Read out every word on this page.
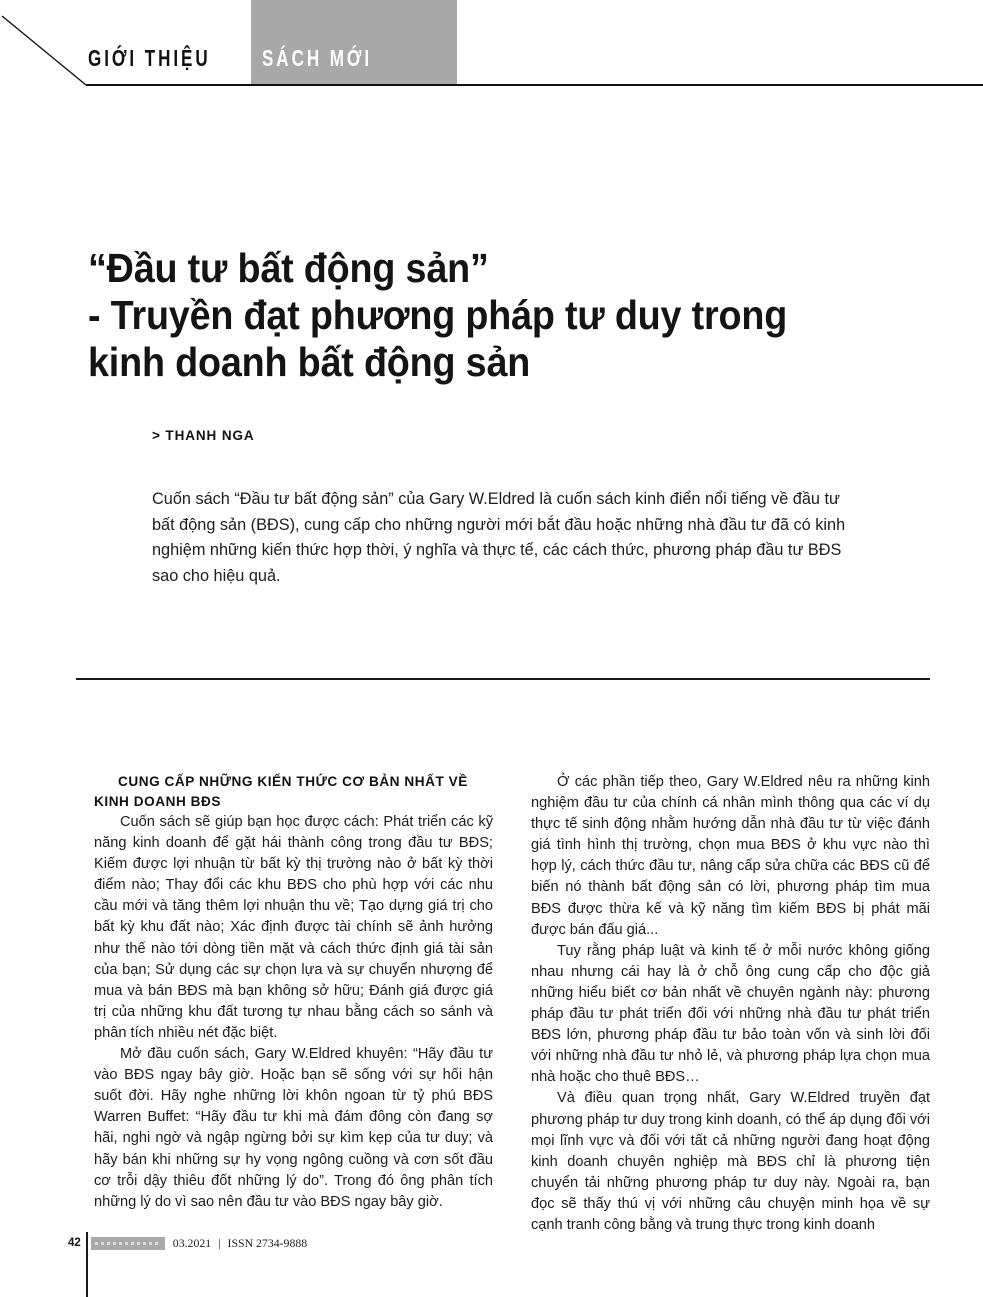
GIỚI THIỆU SÁCH MỚI
“Đầu tư bất động sản”
- Truyền đạt phương pháp tư duy trong
kinh doanh bất động sản
> THANH NGA
Cuốn sách “Đầu tư bất động sản” của Gary W.Eldred là cuốn sách kinh điển nổi tiếng về đầu tư bất động sản (BĐS), cung cấp cho những người mới bắt đầu hoặc những nhà đầu tư đã có kinh nghiệm những kiến thức hợp thời, ý nghĩa và thực tế, các cách thức, phương pháp đầu tư BĐS sao cho hiệu quả.

CUNG CẤP NHỮNG KIẾN THỨC CƠ BẢN NHẤT VỀ KINH DOANH BĐS

Cuốn sách sẽ giúp bạn học được cách: Phát triển các kỹ năng kinh doanh để gặt hái thành công trong đầu tư BĐS; Kiếm được lợi nhuận từ bất kỳ thị trường nào ở bất kỳ thời điểm nào; Thay đổi các khu BĐS cho phù hợp với các nhu cầu mới và tăng thêm lợi nhuận thu về; Tạo dựng giá trị cho bất kỳ khu đất nào; Xác định được tài chính sẽ ảnh hưởng như thế nào tới dòng tiền mặt và cách thức định giá tài sản của bạn; Sử dụng các sự chọn lựa và sự chuyển nhượng để mua và bán BĐS mà bạn không sở hữu; Đánh giá được giá trị của những khu đất tương tự nhau bằng cách so sánh và phân tích nhiều nét đặc biệt.

Mở đầu cuốn sách, Gary W.Eldred khuyên: “Hãy đầu tư vào BĐS ngay bây giờ. Hoặc bạn sẽ sống với sự hối hận suốt đời. Hãy nghe những lời khôn ngoan từ tỷ phú BĐS Warren Buffet: “Hãy đầu tư khi mà đám đông còn đang sợ hãi, nghi ngờ và ngập ngừng bởi sự kìm kẹp của tư duy; và hãy bán khi những sự hy vọng ngông cuồng và cơn sốt đầu cơ trỗi dậy thiêu đốt những lý do”. Trong đó ông phân tích những lý do vì sao nên đầu tư vào BĐS ngay bây giờ.

Ở các phần tiếp theo, Gary W.Eldred nêu ra những kinh nghiệm đầu tư của chính cá nhân mình thông qua các ví dụ thực tế sinh động nhằm hướng dẫn nhà đầu tư từ việc đánh giá tình hình thị trường, chọn mua BĐS ở khu vực nào thì hợp lý, cách thức đầu tư, nâng cấp sửa chữa các BĐS cũ để biến nó thành bất động sản có lời, phương pháp tìm mua BĐS được thừa kế và kỹ năng tìm kiếm BĐS bị phát mãi được bán đấu giá...

Tuy rằng pháp luật và kinh tế ở mỗi nước không giống nhau nhưng cái hay là ở chỗ ông cung cấp cho độc giả những hiểu biết cơ bản nhất về chuyên ngành này: phương pháp đầu tư phát triển đối với những nhà đầu tư phát triển BĐS lớn, phương pháp đầu tư bảo toàn vốn và sinh lời đối với những nhà đầu tư nhỏ lẻ, và phương pháp lựa chọn mua nhà hoặc cho thuê BĐS…

Và điều quan trọng nhất, Gary W.Eldred truyền đạt phương pháp tư duy trong kinh doanh, có thể áp dụng đối với mọi lĩnh vực và đối với tất cả những người đang hoạt động kinh doanh chuyên nghiệp mà BĐS chỉ là phương tiện chuyển tải những phương pháp tư duy này. Ngoài ra, bạn đọc sẽ thấy thú vị với những câu chuyện minh họa về sự cạnh tranh công bằng và trung thực trong kinh doanh

42	03.2021 | ISSN 2734-9888
